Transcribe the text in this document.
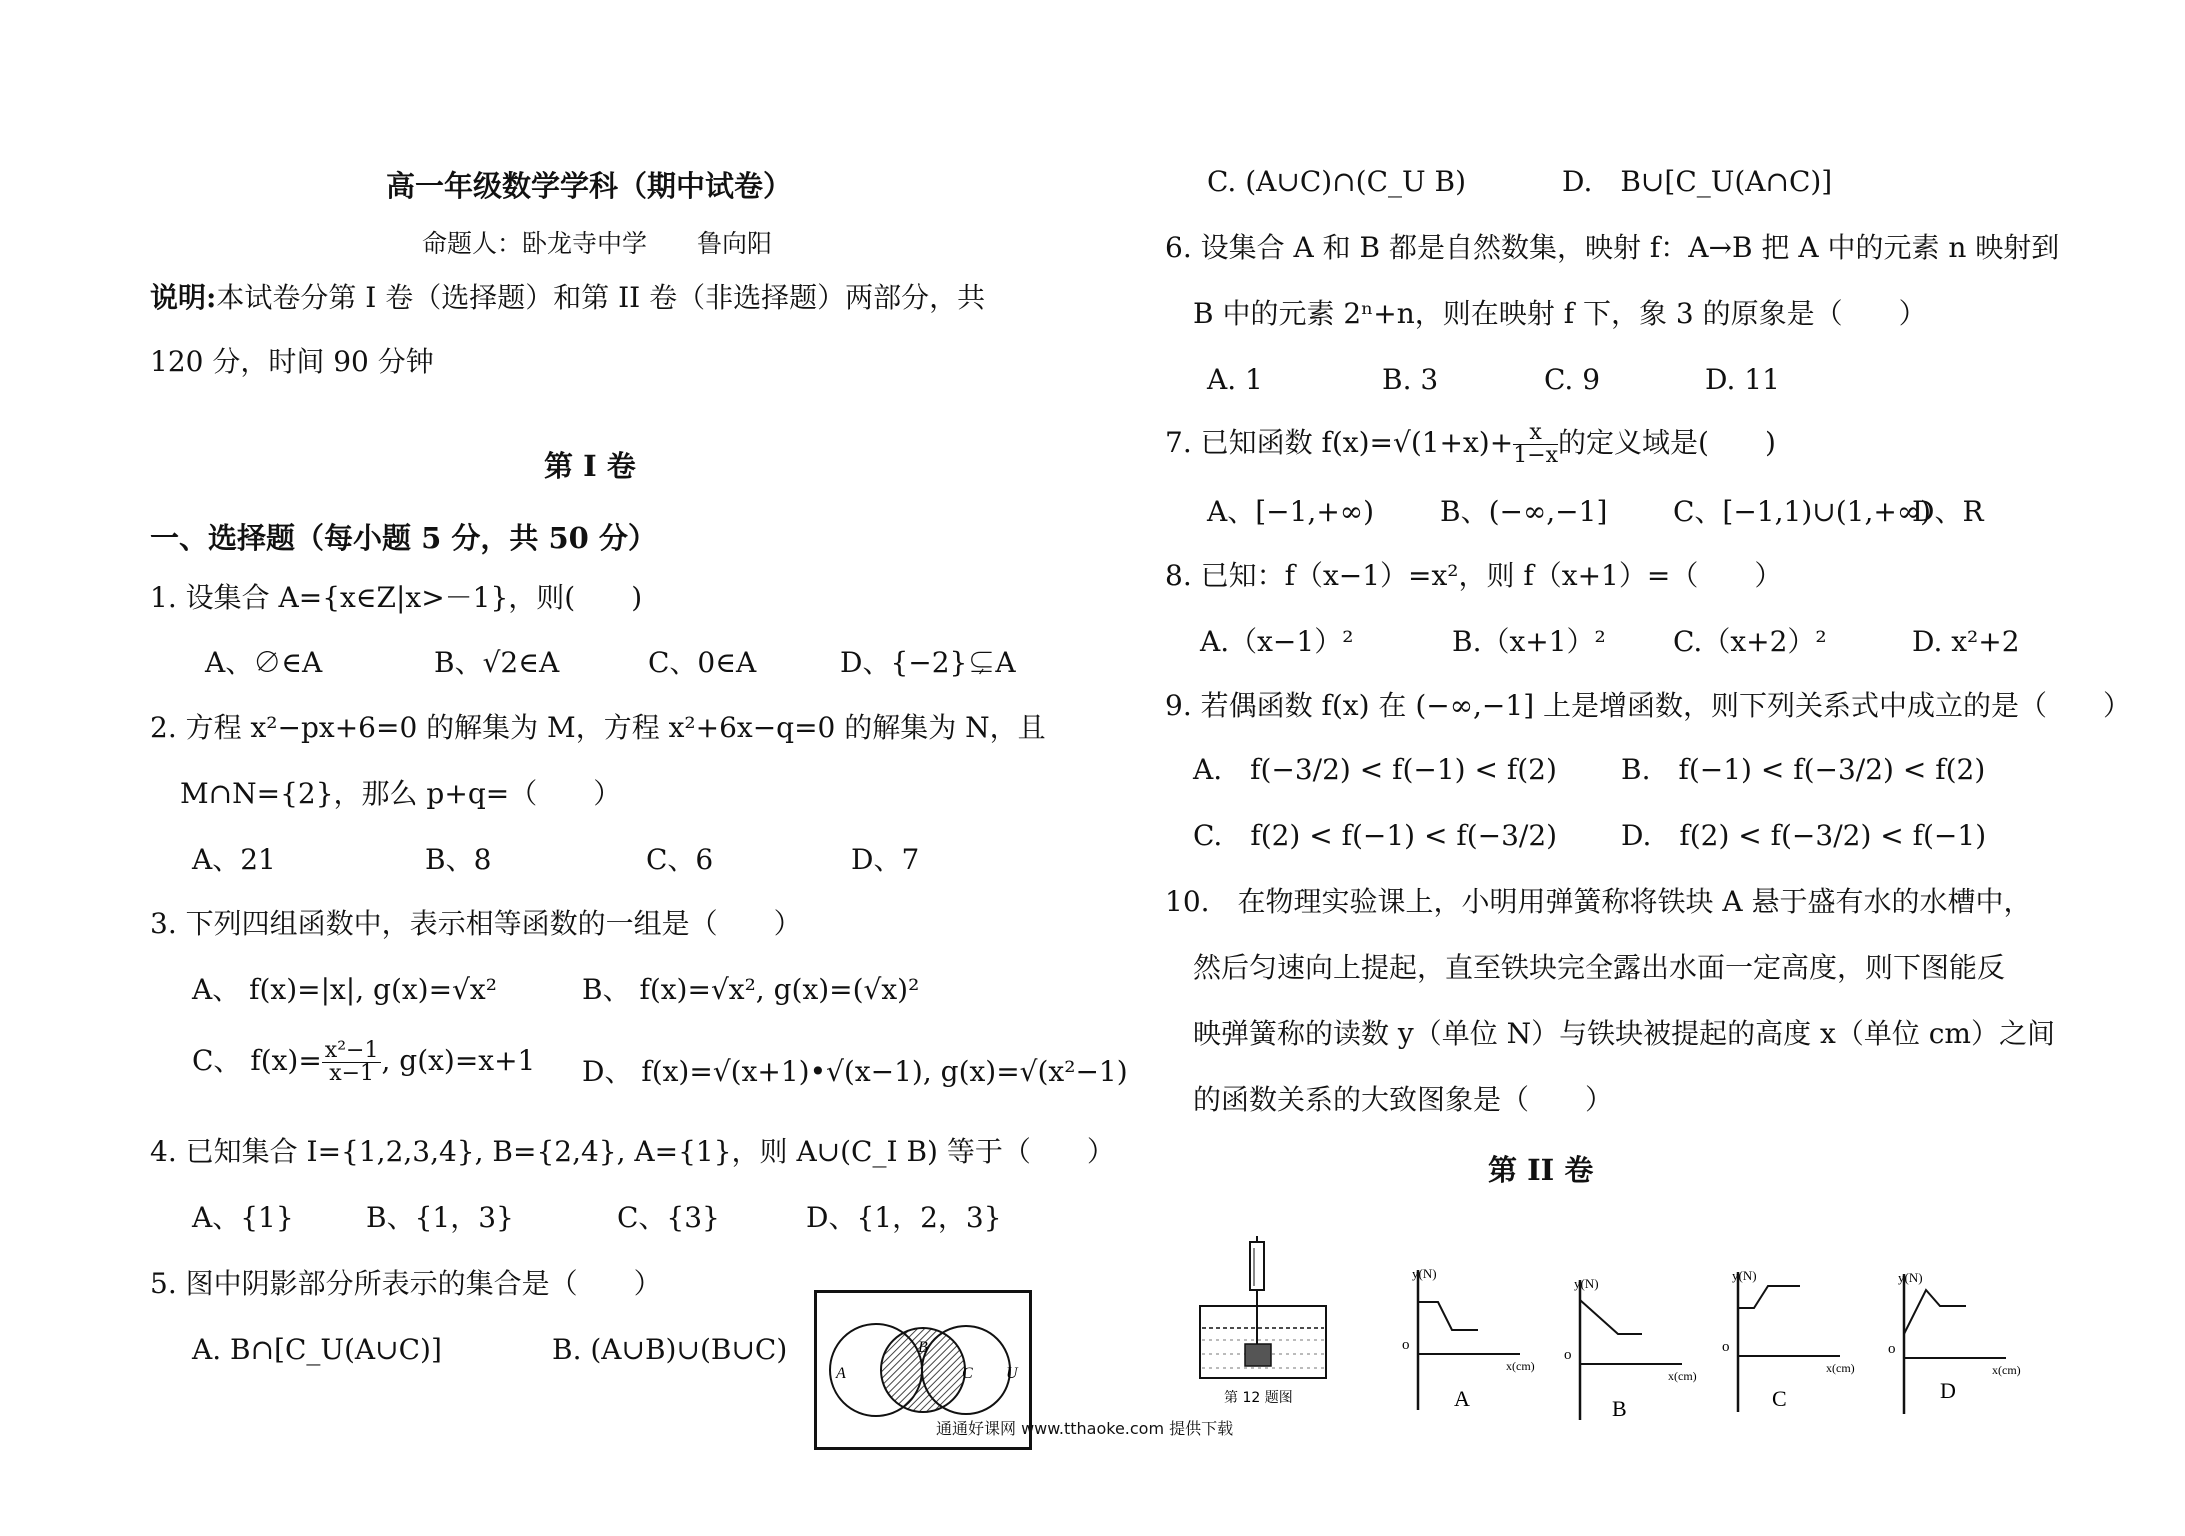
高一年级数学学科（期中试卷）
命题人：卧龙寺中学　　鲁向阳
说明:本试卷分第 I 卷（选择题）和第 II 卷（非选择题）两部分，共
120 分，时间 90 分钟
第 I 卷
一、选择题（每小题 5 分，共 50 分）
1. 设集合 A={x∈Z|x>－1}，则(　　)
A、∅∈A	B、√2∈A	C、0∈A	D、{−2}⊊A
2. 方程 x²−px+6=0 的解集为 M，方程 x²+6x−q=0 的解集为 N，且
M∩N={2}，那么 p+q=（　　）
A、21	B、8	C、6	D、7
3. 下列四组函数中，表示相等函数的一组是（　　）
A、 f(x)=|x|, g(x)=√x²	B、 f(x)=√x², g(x)=(√x)²
C、 $f(x)= \frac{\text{x²−1}}{x-1}$ , g(x)=x+1 D、 f(x)=√(x+1)•√(x−1), g(x)=√(x²−1)
4. 已知集合 I={1,2,3,4}, B={2,4}, A={1}，则 A∪(C_I B) 等于（　　）
A、{1}	B、{1，3}	C、{3}	D、{1，2，3}
5. 图中阴影部分所表示的集合是（　　）
A. B∩[C_U(A∪C)]	B. (A∪B)∪(B∪C)
A
B
C U
C. (A∪C)∩(C_U B)	D.　B∪[C_U(A∩C)]
6. 设集合 A 和 B 都是自然数集，映射 f：A→B 把 A 中的元素 n 映射到
B 中的元素 2ⁿ+n，则在映射 f 下，象 3 的原象是（　　）
A. 1	B. 3	C. 9	D. 11
7. 已知函数 $f(x)=√(1+x)+ \frac{x}{1-x}$ 的定义域是(　　)
A、[−1,+∞) B、(−∞,−1] C、[−1,1)∪(1,+∞)
D、R
8. 已知：f（x−1）=x²，则 f（x+1）=（　　）
A.（x−1）²	B.（x+1）² C.（x+2）²	D. x²+2
9. 若偶函数 f(x) 在 (−∞,−1] 上是增函数，则下列关系式中成立的是（　　）
A.　f(−3/2) < f(−1) < f(2) B.　f(−1) < f(−3/2) < f(2)
C.　f(2) < f(−1) < f(−3/2) D.　f(2) < f(−3/2) < f(−1)
10.　在物理实验课上，小明用弹簧称将铁块 A 悬于盛有水的水槽中，
然后匀速向上提起，直至铁块完全露出水面一定高度，则下图能反
映弹簧称的读数 y（单位 N）与铁块被提起的高度 x（单位 cm）之间
的函数关系的大致图象是（　　）
第 II 卷
第 12 题图
y(N)
o
x(cm)
A
y(N)
o
x(cm)
B
y(N)
o
x(cm)
C
y(N)
o
x(cm)
D
通通好课网 www.tthaoke.com 提供下载
